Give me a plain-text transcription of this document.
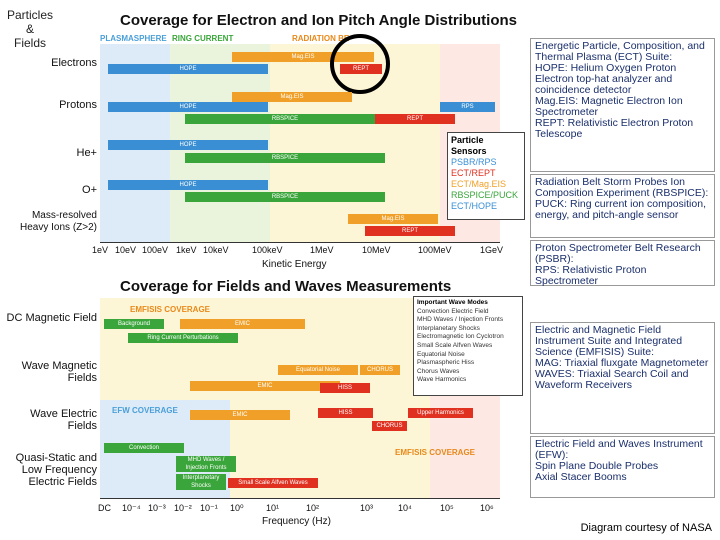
Particles
&
Fields
Coverage for Electron and Ion Pitch Angle Distributions
PLASMASPHERE RING CURRENT	RADIATION BE
Electrons
Protons
He+
O+
Mass-resolved Heavy Ions (Z>2)
Mag.EIS
HOPE	REPT
Mag.EIS
HOPE	RPS
RBSPICE	REPT
HOPE
RBSPICE
HOPE
RBSPICE
Mag.EIS
REPT
Particle Sensors
PSBR/RPS
ECT/REPT
ECT/Mag.EIS
RBSPICE/PUCK
ECT/HOPE
1eV 10eV 100eV 1keV 10keV	100keV	1MeV	10MeV	100MeV	1GeV
Kinetic Energy
Coverage for Fields and Waves Measurements
EMFISIS COVERAGE
EFW COVERAGE
EMFISIS COVERAGE
DC Magnetic Field
Wave Magnetic Fields
Wave Electric Fields
Quasi-Static and Low Frequency Electric Fields
Background	EMIC
Ring Current Perturbations
Equatorial Noise	CHORUS
EMIC	HISS
EMIC	HISS	Upper Harmonics
CHORUS
Convection
MHD Waves / Injection Fronts
Interplanetary Shocks	Small Scale Alfven Waves
Important Wave Modes
Convection Electric Field
MHD Waves / Injection Fronts
Interplanetary Shocks
Electromagnetic Ion Cyclotron
Small Scale Alfven Waves
Equatorial Noise
Plasmaspheric Hiss
Chorus Waves
Wave Harmonics
DC 10⁻⁴ 10⁻³ 10⁻² 10⁻¹ 10⁰ 10¹	10²	10³	10⁴	10⁵	10⁶
Frequency (Hz)
Energetic Particle, Composition, and Thermal Plasma (ECT) Suite:
HOPE: Helium Oxygen Proton Electron top-hat analyzer and coincidence detector
Mag.EIS: Magnetic Electron Ion Spectrometer
REPT: Relativistic Electron Proton Telescope
Radiation Belt Storm Probes Ion Composition Experiment (RBSPICE):
PUCK: Ring current ion composition, energy, and pitch-angle sensor
Proton Spectrometer Belt Research (PSBR):
RPS: Relativistic Proton Spectrometer
Electric and Magnetic Field Instrument Suite and Integrated Science (EMFISIS) Suite:
MAG: Triaxial fluxgate Magnetometer
WAVES: Triaxial Search Coil and Waveform Receivers
Electric Field and Waves Instrument (EFW):
Spin Plane Double Probes
Axial Stacer Booms
Diagram courtesy of NASA
